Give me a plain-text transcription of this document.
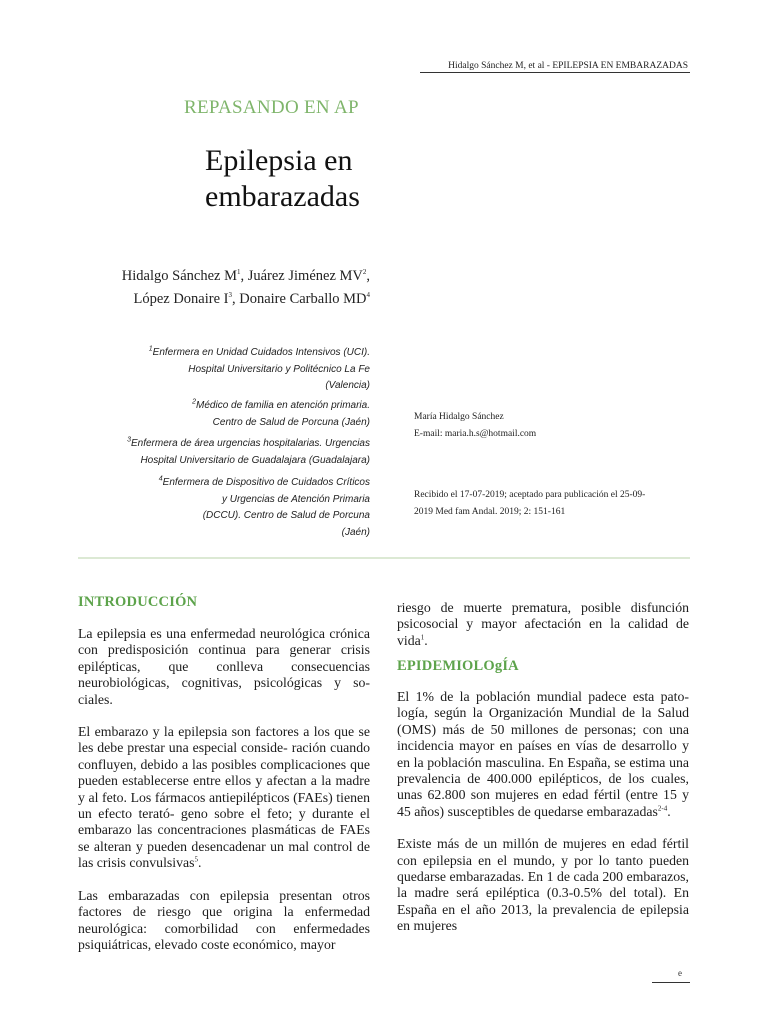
Hidalgo Sánchez M, et al - EPILEPSIA EN EMBARAZADAS
REPASANDO EN AP
Epilepsia en
embarazadas
Hidalgo Sánchez $M^1$, Juárez Jiménez $MV^2$,
López Donaire $I^3$, Donaire Carballo $MD^4$
$^1$Enfermera en Unidad Cuidados Intensivos (UCI).
Hospital Universitario y Politécnico La Fe
(Valencia)
$^2$Médico de familia en atención primaria.
Centro de Salud de Porcuna (Jaén)
$^3$Enfermera de área urgencias hospitalarias. Urgencias
Hospital Universitario de Guadalajara (Guadalajara)
$^4$Enfermera de Dispositivo de Cuidados Críticos
y Urgencias de Atención Primaria
(DCCU). Centro de Salud de Porcuna
(Jaén)
María Hidalgo Sánchez
E-mail: maria.h.s@hotmail.com
Recibido el 17-07-2019; aceptado para publicación el 25-09-
2019 Med fam Andal. 2019; 2: 151-161
INTRODUCCIÓN

La epilepsia es una enfermedad neurológica crónica con predisposición continua para generar crisis epilépticas, que conlleva consecuencias neurobiológicas, cognitivas, psicológicas y so- ciales.

El embarazo y la epilepsia son factores a los que se les debe prestar una especial conside- ración cuando confluyen, debido a las posibles complicaciones que pueden establecerse entre ellos y afectan a la madre y al feto. Los fármacos antiepilépticos (FAEs) tienen un efecto terató- geno sobre el feto; y durante el embarazo las concentraciones plasmáticas de FAEs se alteran y pueden desencadenar un mal control de las crisis convulsivas$^5$.

Las embarazadas con epilepsia presentan otros factores de riesgo que origina la enfermedad neurológica: comorbilidad con enfermedades psiquiátricas, elevado coste económico, mayor

riesgo de muerte prematura, posible disfunción psicosocial y mayor afectación en la calidad de vida$^1$.

EPIDEMIOLOgÍA

El 1% de la población mundial padece esta pato- logía, según la Organización Mundial de la Salud (OMS) más de 50 millones de personas; con una incidencia mayor en países en vías de desarrollo y en la población masculina. En España, se estima una prevalencia de 400.000 epilépticos, de los cuales, unas 62.800 son mujeres en edad fértil (entre 15 y 45 años) susceptibles de quedarse embarazadas$^{2-4}$.

Existe más de un millón de mujeres en edad fértil con epilepsia en el mundo, y por lo tanto pueden quedarse embarazadas. En 1 de cada 200 embarazos, la madre será epiléptica (0.3-0.5% del total). En España en el año 2013, la prevalencia de epilepsia en mujeres

e
